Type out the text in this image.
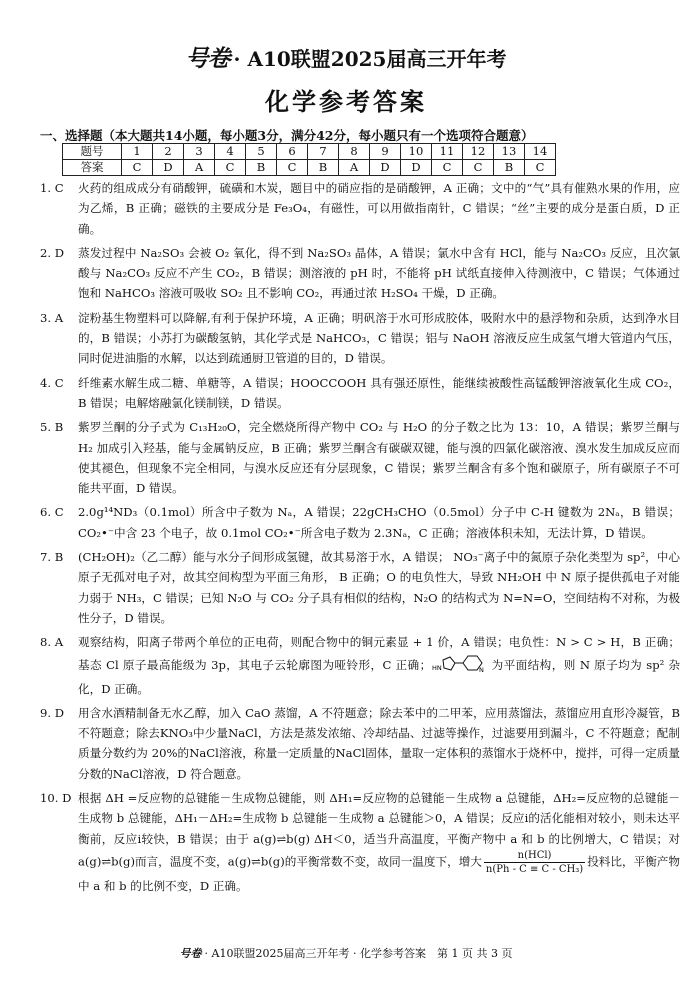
号卷 · A10联盟2025届高三开年考
化学参考答案
一、选择题（本大题共14小题，每小题3分，满分42分，每小题只有一个选项符合题意）
题号	1	2	3	4	5	6	7	8	9	10	11	12	13	14
答案	C	D	A	C	B	C	B	A	D	D	C	C	B	C
1. C	火药的组成成分有硝酸钾，硫磺和木炭，题目中的硝应指的是硝酸钾，A 正确；文中的“气”具有催熟水果的作用，应为乙烯，B 正确；磁铁的主要成分是 Fe₃O₄，有磁性，可以用做指南针，C 错误；“丝”主要的成分是蛋白质，D 正确。
2. D	蒸发过程中 Na₂SO₃ 会被 O₂ 氧化，得不到 Na₂SO₃ 晶体，A 错误；氯水中含有 HCl，能与 Na₂CO₃ 反应，且次氯酸与 Na₂CO₃ 反应不产生 CO₂，B 错误；测溶液的 pH 时，不能将 pH 试纸直接伸入待测液中，C 错误；气体通过饱和 NaHCO₃ 溶液可吸收 SO₂ 且不影响 CO₂，再通过浓 H₂SO₄ 干燥，D 正确。
3. A	淀粉基生物塑料可以降解,有利于保护环境，A 正确；明矾溶于水可形成胶体，吸附水中的悬浮物和杂质，达到净水目的，B 错误；小苏打为碳酸氢钠，其化学式是 NaHCO₃，C 错误；铝与 NaOH 溶液反应生成氢气增大管道内气压，同时促进油脂的水解，以达到疏通厨卫管道的目的，D 错误。
4. C	纤维素水解生成二糖、单糖等，A 错误；HOOCCOOH 具有强还原性，能继续被酸性高锰酸钾溶液氧化生成 CO₂，B 错误；电解熔融氯化镁制镁，D 错误。
5. B	紫罗兰酮的分子式为 C₁₃H₂₀O，完全燃烧所得产物中 CO₂ 与 H₂O 的分子数之比为 13：10，A 错误；紫罗兰酮与 H₂ 加成引入羟基，能与金属钠反应，B 正确；紫罗兰酮含有碳碳双键，能与溴的四氯化碳溶液、溴水发生加成反应而使其褪色，但现象不完全相同，与溴水反应还有分层现象，C 错误；紫罗兰酮含有多个饱和碳原子，所有碳原子不可能共平面，D 错误。
6. C	2.0g¹⁴ND₃（0.1mol）所含中子数为 Nₐ，A 错误；22gCH₃CHO（0.5mol）分子中 C-H 键数为 2Nₐ，B 错误；CO₂•⁻中含 23 个电子，故 0.1mol CO₂•⁻所含电子数为 2.3Nₐ，C 正确；溶液体积未知，无法计算，D 错误。
7. B	(CH₂OH)₂（乙二醇）能与水分子间形成氢键，故其易溶于水，A 错误； NO₃⁻离子中的氮原子杂化类型为 sp²，中心原子无孤对电子对，故其空间构型为平面三角形， B 正确；O 的电负性大，导致 NH₂OH 中 N 原子提供孤电子对能力弱于 NH₃，C 错误；已知 N₂O 与 CO₂ 分子具有相似的结构，N₂O 的结构式为 N=N=O，空间结构不对称，为极性分子，D 错误。
8. A	观察结构，阳离子带两个单位的正电荷，则配合物中的铜元素显 + 1 价，A 错误；电负性：N > C > H，B 正确；基态 Cl 原子最高能级为 3p，其电子云轮廓图为哑铃形，C 正确； HN	N 为平面结构，则 N 原子均为 sp² 杂化，D 正确。
9. D	用含水酒精制备无水乙醇，加入 CaO 蒸馏，A 不符题意；除去苯中的二甲苯，应用蒸馏法，蒸馏应用直形冷凝管，B 不符题意；除去KNO₃中少量NaCl，方法是蒸发浓缩、冷却结晶、过滤等操作，过滤要用到漏斗，C 不符题意；配制质量分数约为 20%的NaCl溶液，称量一定质量的NaCl固体，量取一定体积的蒸馏水于烧杯中，搅拌，可得一定质量分数的NaCl溶液，D 符合题意。
10. D 根据 ΔH =反应物的总键能－生成物总键能，则 ΔH₁=反应物的总键能－生成物 a 总键能，ΔH₂=反应物的总键能－生成物 b 总键能，ΔH₁－ΔH₂=生成物 b 总键能－生成物 a 总键能＞0，A 错误；反应ⅰ的活化能相对较小，则未达平衡前，反应ⅰ较快，B 错误；由于 a(g)⇌b(g) ΔH＜0，适当升高温度，平衡产物中 a 和 b 的比例增大，C 错误；对 a(g)⇌b(g)而言，温度不变，a(g)⇌b(g)的平衡常数不变，故同一温度下，增大	n(HCl)
n(Ph - C ≡ C - CH₃)
投料比，平衡产物中 a 和 b 的比例不变，D 正确。
号卷 · A10联盟2025届高三开年考 · 化学参考答案　第 1 页 共 3 页
